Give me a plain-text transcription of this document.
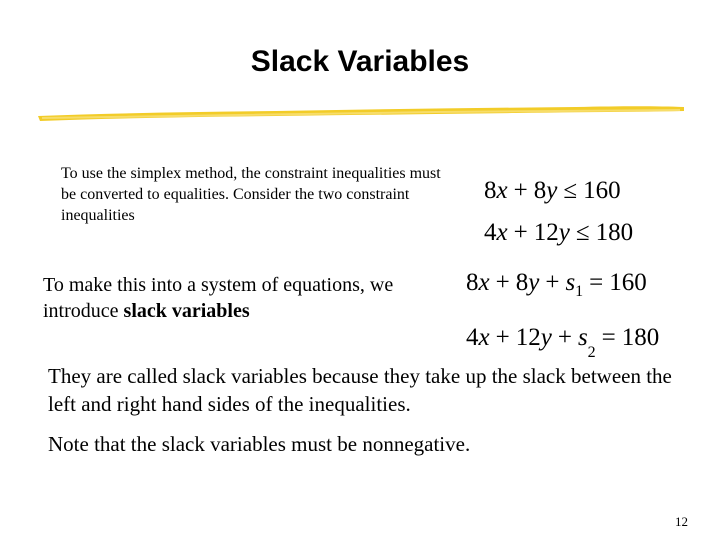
Slack Variables
To use the simplex method, the constraint inequalities must be converted to equalities. Consider the two constraint inequalities
8x + 8y ≤ 160
4x + 12y ≤ 180
To make this into a system of equations, we introduce slack variables
$8x + 8y + s_1 = 160$
$4x + 12y + s_2= 180$
They are called slack variables because they take up the slack between the left and right hand sides of the inequalities.
Note that the slack variables must be nonnegative.
12
